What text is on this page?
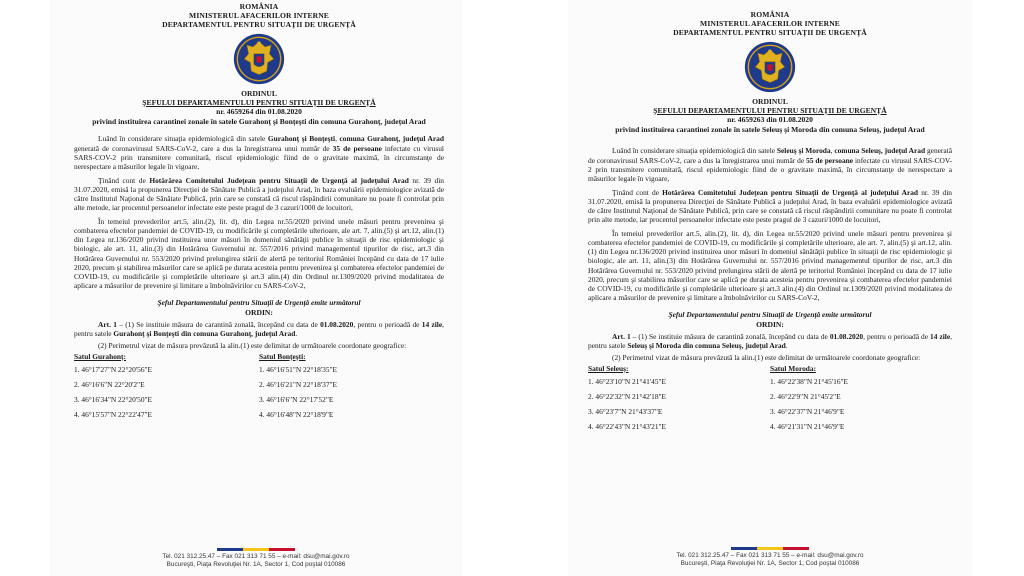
ROMÂNIA
MINISTERUL AFACERILOR INTERNE
DEPARTAMENTUL PENTRU SITUAŢII DE URGENŢĂ
ORDINUL
ŞEFULUI DEPARTAMENTULUI PENTRU SITUAŢII DE URGENŢĂ
nr. 4659264 din 01.08.2020
privind instituirea carantinei zonale în satele Gurahonţ şi Bonţeşti din comuna Gurahonţ, judeţul Arad

Luând în considerare situaţia epidemiologică din satele Gurahonţ şi Bonţeşti, comuna Gurahonţ, judeţul Arad generată de coronavirusul SARS-CoV-2, care a dus la înregistrarea unui număr de 35 de persoane infectate cu virusul SARS-COV-2 prin transmitere comunitară, riscul epidemiologic fiind de o gravitate maximă, în circumstanţe de nerespectare a măsurilor legale în vigoare,

Ţinând cont de Hotărârea Comitetului Judeţean pentru Situaţii de Urgenţă al judeţului Arad nr. 39 din 31.07.2020, emisă la propunerea Direcţiei de Sănătate Publică a judeţului Arad, în baza evaluării epidemiologice avizată de către Institutul Naţional de Sănătate Publică, prin care se constată că riscul răspândirii comunitare nu poate fi controlat prin alte metode, iar procentul persoanelor infectate este peste pragul de 3 cazuri/1000 de locuitori,

În temeiul prevederilor art.5, alin.(2), lit. d), din Legea nr.55/2020 privind unele măsuri pentru prevenirea şi combaterea efectelor pandemiei de COVID-19, cu modificările şi completările ulterioare, ale art. 7, alin.(5) şi art.12, alin.(1) din Legea nr.136/2020 privind instituirea unor măsuri în domeniul sănătăţii publice în situaţii de risc epidemiologic şi biologic, ale art. 11, alin.(3) din Hotărârea Guvernului nr. 557/2016 privind managementul tipurilor de risc, art.3 din Hotărârea Guvernului nr. 553/2020 privind prelungirea stării de alertă pe teritoriul României începând cu data de 17 iulie 2020, precum şi stabilirea măsurilor care se aplică pe durata acesteia pentru prevenirea şi combaterea efectelor pandemiei de COVID-19, cu modificările şi completările ulterioare şi art.3 alin.(4) din Ordinul nr.1309/2020 privind modalitatea de aplicare a măsurilor de prevenire şi limitare a îmbolnăvirilor cu SARS-CoV-2,

Şeful Departamentului pentru Situaţii de Urgenţă emite următorul
ORDIN:

Art. 1 – (1) Se instituie măsura de carantină zonală, începând cu data de 01.08.2020, pentru o perioadă de 14 zile, pentru satele Gurahonţ şi Bonţeşti din comuna Gurahonţ, judeţul Arad.

(2) Perimetrul vizat de măsura prevăzută la alin.(1) este delimitat de următoarele coordonate geografice:

Satul Gurahonţ:
1. 46°17'27"N 22°20'56"E
2. 46°16'6"N 22°20'2"E
3. 46°16'34"N 22°20'50"E
4. 46°15'57"N 22°22'47"E
Satul Bonţeşti:
1. 46°16'51"N 22°18'35"E
2. 46°16'21"N 22°18'37"E
3. 46°16'6"N 22°17'52"E
4. 46°16'48"N 22°18'9"E
Tel. 021 312.25.47 – Fax 021 313 71 55 – e-mail: dsu@mai.gov.ro
Bucureşti, Piaţa Revoluţiei Nr. 1A, Sector 1, Cod poştal 010086
ROMÂNIA
MINISTERUL AFACERILOR INTERNE
DEPARTAMENTUL PENTRU SITUAŢII DE URGENŢĂ
ORDINUL
ŞEFULUI DEPARTAMENTULUI PENTRU SITUAŢII DE URGENŢĂ
nr. 4659263 din 01.08.2020
privind instituirea carantinei zonale în satele Seleuş şi Moroda din comuna Seleuş, judeţul Arad

Luând în considerare situaţia epidemiologică din satele Seleuş şi Moroda, comuna Seleuş, judeţul Arad generată de coronavirusul SARS-CoV-2, care a dus la înregistrarea unui număr de 55 de persoane infectate cu virusul SARS-COV-2 prin transmitere comunitară, riscul epidemiologic fiind de o gravitate maximă, în circumstanţe de nerespectare a măsurilor legale în vigoare,

Ţinând cont de Hotărârea Comitetului Judeţean pentru Situaţii de Urgenţă al judeţului Arad nr. 39 din 31.07.2020, emisă la propunerea Direcţiei de Sănătate Publică a judeţului Arad, în baza evaluării epidemiologice avizată de către Institutul Naţional de Sănătate Publică, prin care se constată că riscul răspândirii comunitare nu poate fi controlat prin alte metode, iar procentul persoanelor infectate este peste pragul de 3 cazuri/1000 de locuitori,

În temeiul prevederilor art.5, alin.(2), lit. d), din Legea nr.55/2020 privind unele măsuri pentru prevenirea şi combaterea efectelor pandemiei de COVID-19, cu modificările şi completările ulterioare, ale art. 7, alin.(5) şi art.12, alin.(1) din Legea nr.136/2020 privind instituirea unor măsuri în domeniul sănătăţii publice în situaţii de risc epidemiologic şi biologic, ale art. 11, alin.(3) din Hotărârea Guvernului nr. 557/2016 privind managementul tipurilor de risc, art.3 din Hotărârea Guvernului nr. 553/2020 privind prelungirea stării de alertă pe teritoriul României începând cu data de 17 iulie 2020, precum şi stabilirea măsurilor care se aplică pe durata acesteia pentru prevenirea şi combaterea efectelor pandemiei de COVID-19, cu modificările şi completările ulterioare şi art.3 alin.(4) din Ordinul nr.1309/2020 privind modalitatea de aplicare a măsurilor de prevenire şi limitare a îmbolnăvirilor cu SARS-CoV-2,

Şeful Departamentului pentru Situaţii de Urgenţă emite următorul
ORDIN:

Art. 1 – (1) Se instituie măsura de carantină zonală, începând cu data de 01.08.2020, pentru o perioadă de 14 zile, pentru satele Seleuş şi Moroda din comuna Seleuş, judeţul Arad.

(2) Perimetrul vizat de măsura prevăzută la alin.(1) este delimitat de următoarele coordonate geografice:

Satul Seleuş:
1. 46°23'10"N 21°41'45"E
2. 46°22'32"N 21°42'18"E
3. 46°23'7"N 21°43'37"E
4. 46°22'43"N 21°43'21"E
Satul Moroda:
1. 46°22'38"N 21°45'16"E
2. 46°22'9"N 21°45'2"E
3. 46°22'37"N 21°46'9"E
4. 46°21'31"N 21°46'9"E
Tel. 021 312.25.47 – Fax 021 313 71 55 – e-mail: dsu@mai.gov.ro
Bucureşti, Piaţa Revoluţiei Nr. 1A, Sector 1, Cod poştal 010086
